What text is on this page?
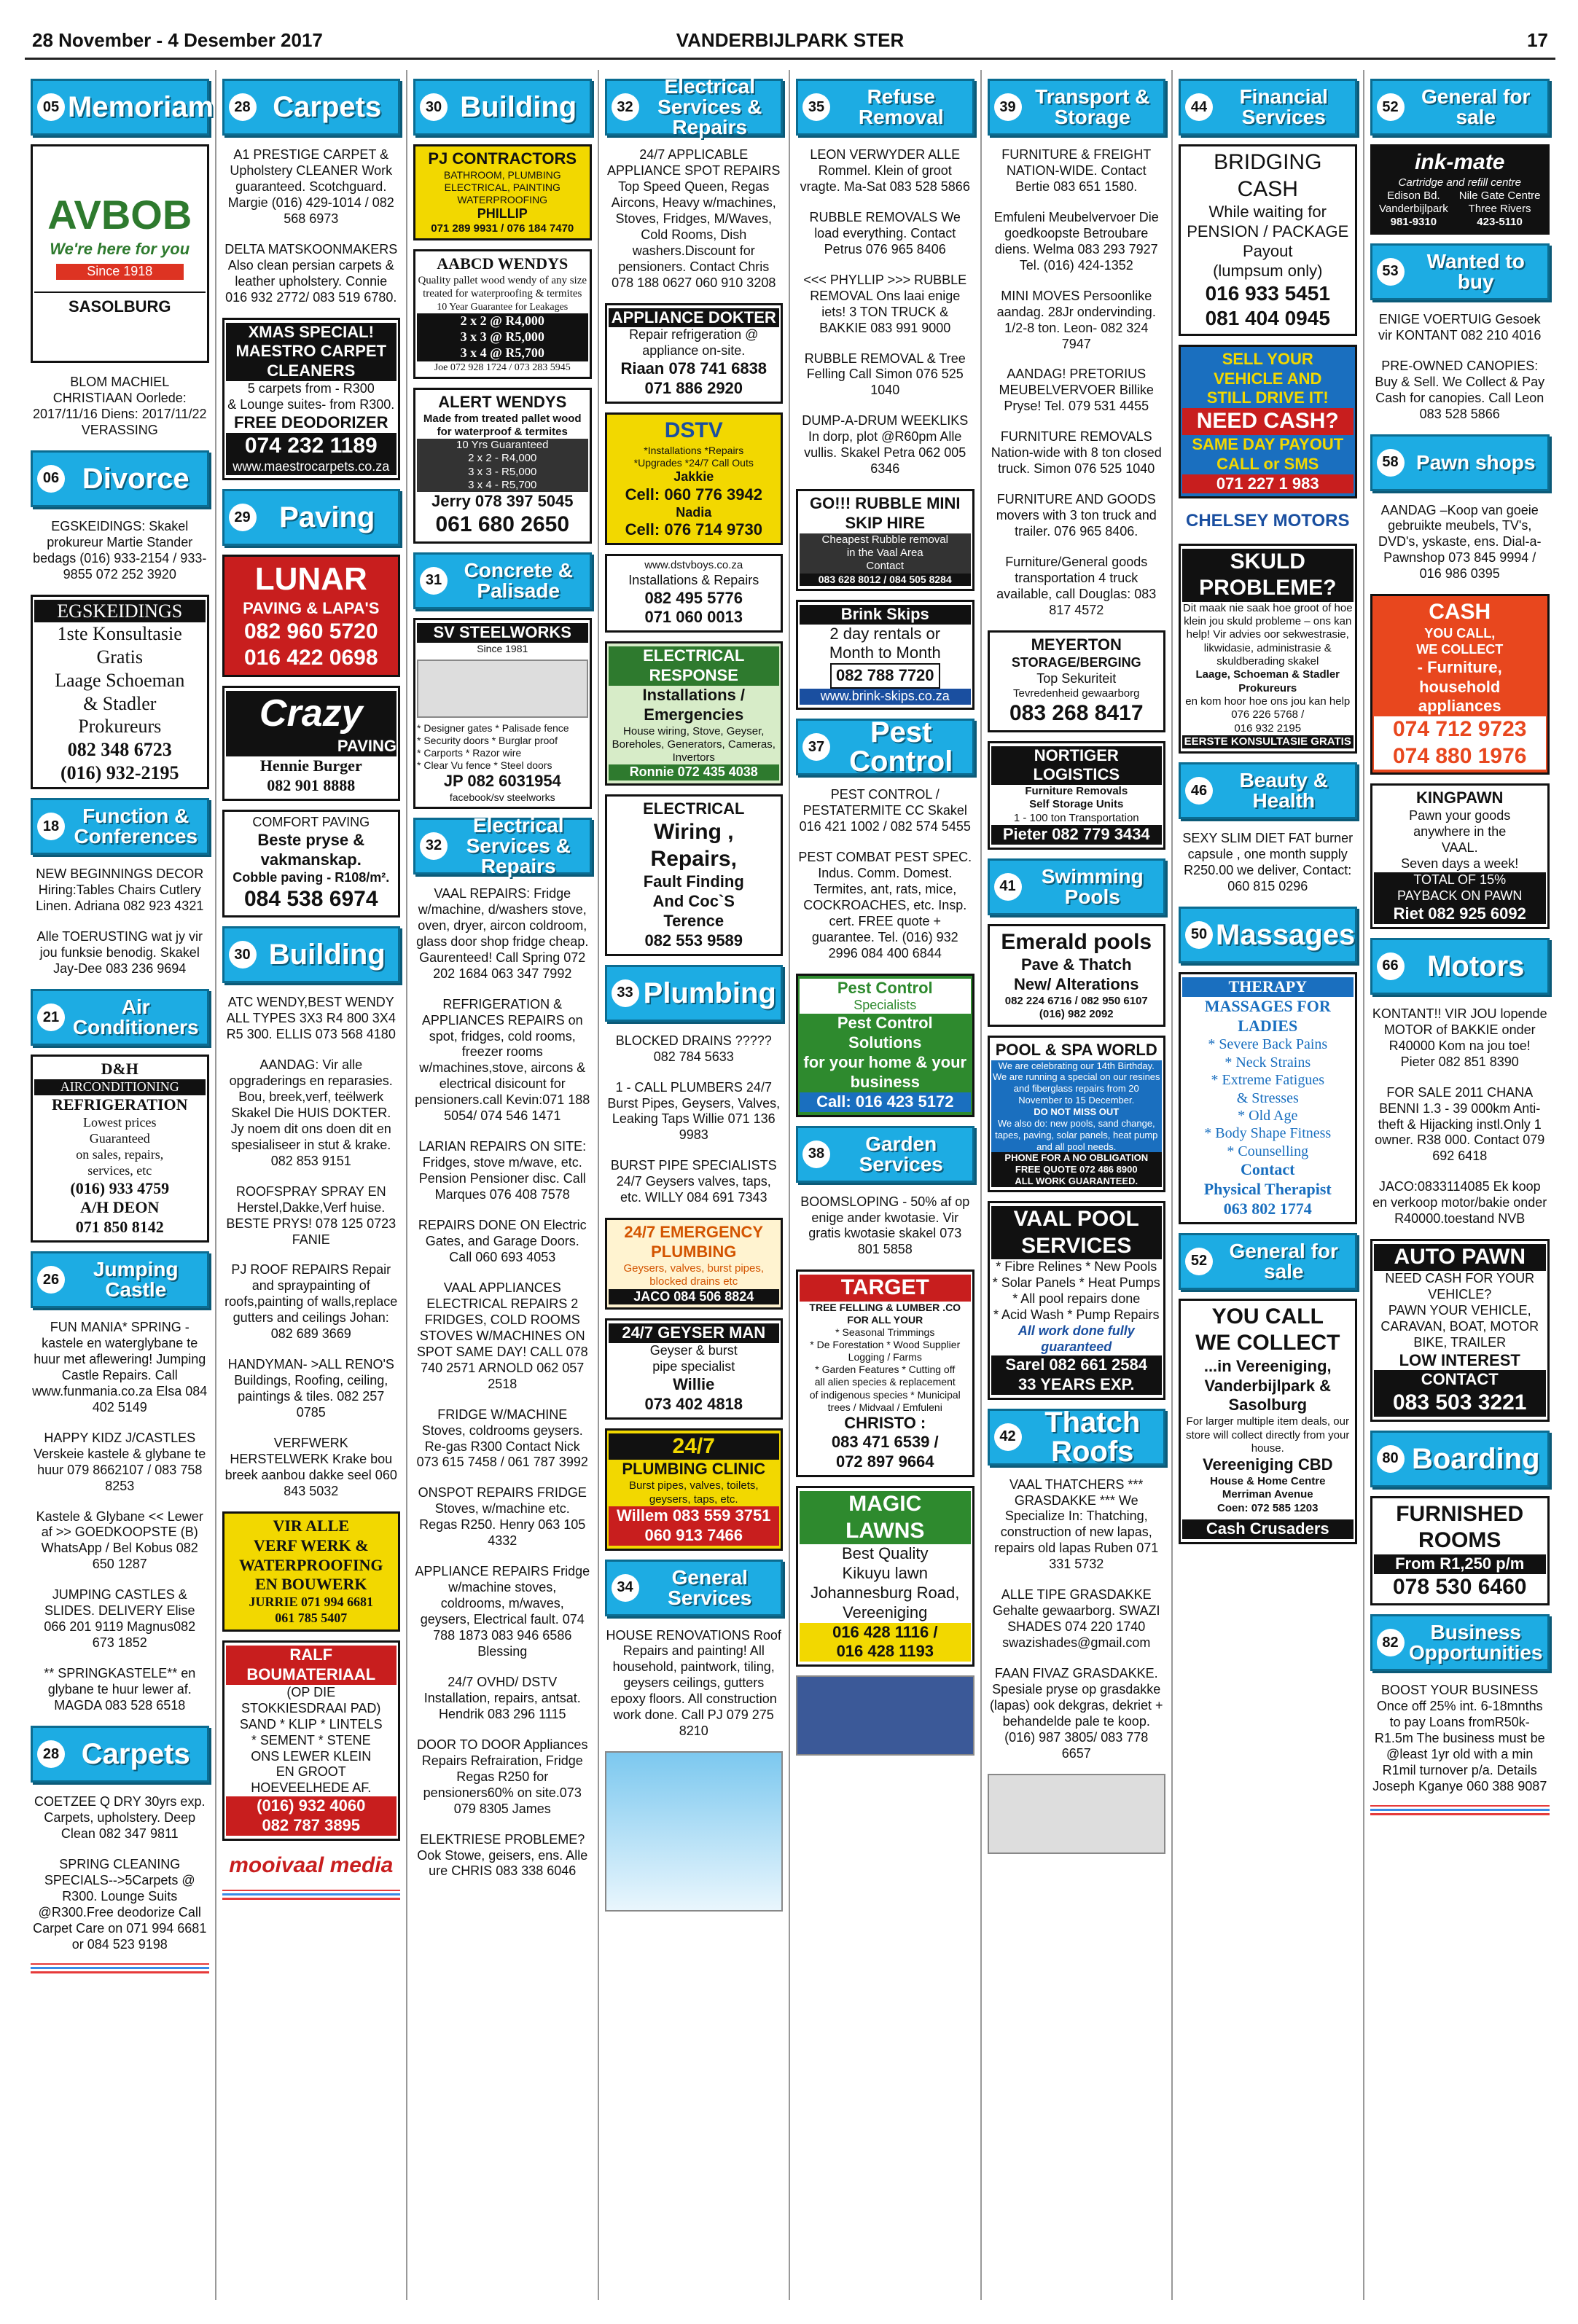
28 November - 4 Desember 2017	VANDERBIJLPARK STER	17
05 Memoriam
AVBOB
We're here for you
Since 1918
SASOLBURG
BLOM MACHIEL CHRISTIAAN Oorlede: 2017/11/16 Diens: 2017/11/22 VERASSING
06 Divorce
EGSKEIDINGS: Skakel prokureur Martie Stander bedags (016) 933-2154 / 933-9855 072 252 3920
EGSKEIDINGS
1ste Konsultasie
Gratis
Laage Schoeman
& Stadler
Prokureurs
082 348 6723
(016) 932-2195
18	Function & Conferences
NEW BEGINNINGS DECOR Hiring:Tables Chairs Cutlery Linen. Adriana 082 923 4321
Alle TOERUSTING wat jy vir jou funksie benodig. Skakel Jay-Dee 083 236 9694
21	Air Conditioners
D&H
AIRCONDITIONING
REFRIGERATION
Lowest prices
Guaranteed
on sales, repairs,
services, etc
(016) 933 4759
A/H DEON
071 850 8142
26	Jumping Castle
FUN MANIA* SPRING -kastele en waterglybane te huur met aflewering! Jumping Castle Repairs. Call www.funmania.co.za Elsa 084 402 5149
HAPPY KIDZ J/CASTLES Verskeie kastele & glybane te huur 079 8662107 / 083 758 8253
Kastele & Glybane << Lewer af >> GOEDKOOPSTE (B) WhatsApp / Bel Kobus 082 650 1287
JUMPING CASTLES & SLIDES. DELIVERY Elise 066 201 9119 Magnus082 673 1852
** SPRINGKASTELE** en glybane te huur lewer af. MAGDA 083 528 6518
28 Carpets
COETZEE Q DRY 30yrs exp. Carpets, upholstery. Deep Clean 082 347 9811
SPRING CLEANING SPECIALS-->5Carpets @ R300. Lounge Suits @R300.Free deodorize Call Carpet Care on 071 994 6681 or 084 523 9198
28 Carpets
A1 PRESTIGE CARPET & Upholstery CLEANER Work guaranteed. Scotchguard. Margie (016) 429-1014 / 082 568 6973
DELTA MATSKOONMAKERS Also clean persian carpets & leather upholstery. Connie 016 932 2772/ 083 519 6780.
XMAS SPECIAL!
MAESTRO CARPET CLEANERS
5 carpets from - R300
& Lounge suites- from R300.
FREE DEODORIZER
074 232 1189
www.maestrocarpets.co.za
29 Paving
LUNAR
PAVING & LAPA'S
082 960 5720
016 422 0698
Crazy
PAVING
Hennie Burger
082 901 8888
COMFORT PAVING
Beste pryse & vakmanskap.
Cobble paving - R108/m².
084 538 6974
30 Building
ATC WENDY,BEST WENDY ALL TYPES 3X3 R4 800 3X4 R5 300. ELLIS 073 568 4180
AANDAG: Vir alle opgraderings en reparasies. Bou, breek,verf, teëlwerk Skakel Die HUIS DOKTER. Jy noem dit ons doen dit en spesialiseer in stut & krake. 082 853 9151
ROOFSPRAY SPRAY EN Herstel,Dakke,Verf huise. BESTE PRYS! 078 125 0723 FANIE
PJ ROOF REPAIRS Repair and spraypainting of roofs,painting of walls,replace gutters and ceilings Johan: 082 689 3669
HANDYMAN- >ALL RENO'S Buildings, Roofing, ceiling, paintings & tiles. 082 257 0785
VERFWERK HERSTELWERK Krake bou breek aanbou dakke seel 060 843 5032
VIR ALLE
VERF WERK &
WATERPROOFING
EN BOUWERK
JURRIE 071 994 6681
061 785 5407
RALF
BOUMATERIAAL
(OP DIE
STOKKIESDRAAI PAD)
SAND * KLIP * LINTELS
* SEMENT * STENE
ONS LEWER KLEIN
EN GROOT
HOEVEELHEDE AF.
(016) 932 4060
082 787 3895
mooivaal media
30 Building
PJ CONTRACTORS
BATHROOM, PLUMBING
ELECTRICAL, PAINTING
WATERPROOFING
PHILLIP
071 289 9931 / 076 184 7470
AABCD WENDYS
Quality pallet wood wendy of any size treated for waterproofing & termites
10 Year Guarantee for Leakages
2 x 2 @ R4,000
3 x 3 @ R5,000
3 x 4 @ R5,700
Joe 072 928 1724 / 073 283 5945
ALERT WENDYS
Made from treated pallet wood for waterproof & termites
10 Yrs Guaranteed
2 x 2 - R4,000
3 x 3 - R5,000
3 x 4 - R5,700
Jerry 078 397 5045
061 680 2650
31	Concrete & Palisade
SV STEELWORKS
Since 1981
* Designer gates * Palisade fence
* Security doors * Burglar proof
* Carports * Razor wire
* Clear Vu fence * Steel doors
JP 082 6031954
facebook/sv steelworks
32
Electrical Services & Repairs
VAAL REPAIRS: Fridge w/machine, d/washers stove, oven, dryer, aircon coldroom, glass door shop fridge cheap. Gaurenteed! Call Spring 072 202 1684 063 347 7992
REFRIGERATION & APPLIANCES REPAIRS on spot, fridges, cold rooms, freezer rooms w/machines,stove, aircons & electrical disicount for pensioners.call Kevin:071 188 5054/ 074 546 1471
LARIAN REPAIRS ON SITE: Fridges, stove m/wave, etc. Pension Pensioner disc. Call Marques 076 408 7578
REPAIRS DONE ON Electric Gates, and Garage Doors. Call 060 693 4053
VAAL APPLIANCES ELECTRICAL REPAIRS 2 FRIDGES, COLD ROOMS STOVES W/MACHINES ON SPOT SAME DAY! CALL 078 740 2571 ARNOLD 062 057 2518
FRIDGE W/MACHINE Stoves, coldrooms geysers. Re-gas R300 Contact Nick 073 615 7458 / 061 787 3992
ONSPOT REPAIRS FRIDGE Stoves, w/machine etc. Regas R250. Henry 063 105 4332
APPLIANCE REPAIRS Fridge w/machine stoves, coldrooms, m/waves, geysers, Electrical fault. 074 788 1873 083 946 6586 Blessing
24/7 OVHD/ DSTV Installation, repairs, antsat. Hendrik 083 296 1115
DOOR TO DOOR Appliances Repairs Refrairation, Fridge Regas R250 for pensioners60% on site.073 079 8305 James
ELEKTRIESE PROBLEME? Ook Stowe, geisers, ens. Alle ure CHRIS 083 338 6046
32
Electrical Services & Repairs
24/7 APPLICABLE APPLIANCE SPOT REPAIRS Top Speed Queen, Regas Aircons, Heavy w/machines, Stoves, Fridges, M/Waves, Cold Rooms, Dish washers.Discount for pensioners. Contact Chris 078 188 0627 060 910 3208
APPLIANCE DOKTER
Repair refrigeration @ appliance on-site.
Riaan 078 741 6838
071 886 2920
DSTV
*Installations *Repairs
*Upgrades *24/7 Call Outs
Jakkie
Cell: 060 776 3942
Nadia
Cell: 076 714 9730
www.dstvboys.co.za
Installations & Repairs
082 495 5776
071 060 0013
ELECTRICAL
RESPONSE
Installations /
Emergencies
House wiring, Stove, Geyser, Boreholes, Generators, Cameras, Invertors
Ronnie 072 435 4038
ELECTRICAL
Wiring ,
Repairs,
Fault Finding
And Coc`S
Terence
082 553 9589
33 Plumbing
BLOCKED DRAINS ????? 082 784 5633
1 - CALL PLUMBERS 24/7 Burst Pipes, Geysers, Valves, Leaking Taps Willie 071 136 9983
BURST PIPE SPECIALISTS 24/7 Geysers valves, taps, etc. WILLY 084 691 7343
24/7 EMERGENCY
PLUMBING
Geysers, valves, burst pipes, blocked drains etc
JACO 084 506 8824
24/7 GEYSER MAN
Geyser & burst
pipe specialist
Willie
073 402 4818
24/7
PLUMBING CLINIC
Burst pipes, valves, toilets, geysers, taps, etc.
Willem 083 559 3751 060 913 7466
34	General Services
HOUSE RENOVATIONS Roof Repairs and painting! All household, paintwork, tiling, geysers ceilings, gutters epoxy floors. All construction work done. Call PJ 079 275 8210
35	Refuse Removal
LEON VERWYDER ALLE Rommel. Klein of groot vragte. Ma-Sat 083 528 5866
RUBBLE REMOVALS We load everything. Contact Petrus 076 965 8406
<<< PHYLLIP >>> RUBBLE REMOVAL Ons laai enige iets! 3 TON TRUCK & BAKKIE 083 991 9000
RUBBLE REMOVAL & Tree Felling Call Simon 076 525 1040
DUMP-A-DRUM WEEKLIKS In dorp, plot @R60pm Alle vullis. Skakel Petra 062 005 6346
GO!!! RUBBLE MINI
SKIP HIRE
Cheapest Rubble removal
in the Vaal Area
Contact
083 628 8012 / 084 505 8284
Brink Skips
2 day rentals or
Month to Month
082 788 7720
www.brink-skips.co.za
37	Pest Control
PEST CONTROL / PESTATERMITE CC Skakel 016 421 1002 / 082 574 5455
PEST COMBAT PEST SPEC. Indus. Comm. Domest. Termites, ant, rats, mice, COCKROACHES, etc. Insp. cert. FREE quote + guarantee. Tel. (016) 932 2996 084 400 6844
Pest Control
Specialists
Pest Control Solutions
for your home & your
business
Call: 016 423 5172
38	Garden Services
BOOMSLOPING - 50% af op enige ander kwotasie. Vir gratis kwotasie skakel 073 801 5858
TARGET
TREE FELLING & LUMBER .CO
FOR ALL YOUR
* Seasonal Trimmings
* De Forestation * Wood Supplier
Logging / Farms
* Garden Features * Cutting off
all alien species & replacement
of indigenous species * Municipal
trees / Midvaal / Emfuleni
CHRISTO :
083 471 6539 /
072 897 9664
MAGIC
LAWNS
Best Quality
Kikuyu lawn
Johannesburg Road,
Vereeniging
016 428 1116 /
016 428 1193
39 Transport & Storage
FURNITURE & FREIGHT NATION-WIDE. Contact Bertie 083 651 1580.
Emfuleni Meubelvervoer Die goedkoopste Betroubare diens. Welma 083 293 7927 Tel. (016) 424-1352
MINI MOVES Persoonlike aandag. 28Jr ondervinding. 1/2-8 ton. Leon- 082 324 7947
AANDAG! PRETORIUS MEUBELVERVOER Billike Pryse! Tel. 079 531 4455
FURNITURE REMOVALS Nation-wide with 8 ton closed truck. Simon 076 525 1040
FURNITURE AND GOODS movers with 3 ton truck and trailer. 076 965 8406.
Furniture/General goods transportation 4 truck available, call Douglas: 083 817 4572
MEYERTON
STORAGE/BERGING
Top Sekuriteit
Tevredenheid gewaarborg
083 268 8417
NORTIGER LOGISTICS
Furniture Removals
Self Storage Units
1 - 100 ton Transportation
Pieter 082 779 3434
41	Swimming Pools
Emerald pools
Pave & Thatch
New/ Alterations
082 224 6716 / 082 950 6107
(016) 982 2092
POOL & SPA WORLD
We are celebrating our 14th Birthday. We are running a special on our resines and fiberglass repairs from 20 November to 15 December.
DO NOT MISS OUT
We also do: new pools, sand change, tapes, paving, solar panels, heat pump and all pool needs.
PHONE FOR A NO OBLIGATION FREE QUOTE 072 486 8900
ALL WORK GUARANTEED.
VAAL POOL
SERVICES
* Fibre Relines * New Pools
* Solar Panels * Heat Pumps
* All pool repairs done
* Acid Wash * Pump Repairs
All work done fully guaranteed
Sarel 082 661 2584
33 YEARS EXP.
42 Thatch Roofs
VAAL THATCHERS *** GRASDAKKE *** We Specialize In: Thatching, construction of new lapas, repairs old lapas Ruben 071 331 5732
ALLE TIPE GRASDAKKE Gehalte gewaarborg. SWAZI SHADES 074 220 1740 swazishades@gmail.com
FAAN FIVAZ GRASDAKKE. Spesiale pryse op grasdakke (lapas) ook dekgras, dekriet + behandelde pale te koop. (016) 987 3805/ 083 778 6657
44	Financial Services
BRIDGING
CASH
While waiting for
PENSION / PACKAGE
Payout
(lumpsum only)
016 933 5451
081 404 0945
SELL YOUR
VEHICLE AND
STILL DRIVE IT!
NEED CASH?
SAME DAY PAYOUT
CALL or SMS
071 227 1 983
CHELSEY MOTORS
SKULD
PROBLEME?
Dit maak nie saak hoe groot of hoe klein jou skuld probleme – ons kan help! Vir advies oor sekwestrasie, likwidasie, administrasie & skuldberading skakel
Laage, Schoeman & Stadler Prokureurs
en kom hoor hoe ons jou kan help
076 226 5768 /
016 932 2195
EERSTE KONSULTASIE GRATIS
46	Beauty & Health
SEXY SLIM DIET FAT burner capsule , one month supply R250.00 we deliver, Contact: 060 815 0296
50 Massages
THERAPY
MASSAGES FOR
LADIES
* Severe Back Pains
* Neck Strains
* Extreme Fatigues
& Stresses
* Old Age
* Body Shape Fitness
* Counselling
Contact
Physical Therapist
063 802 1774
52	General for sale
YOU CALL
WE COLLECT
...in Vereeniging, Vanderbijlpark & Sasolburg
For larger multiple item deals, our store will collect directly from your house.
Vereeniging CBD
House & Home Centre
Merriman Avenue
Coen: 072 585 1203
Cash Crusaders
52	General for sale
ink-mate
Cartridge and refill centre
Edison Bd.
Vanderbijlpark
981-9310
Nile Gate Centre
Three Rivers
423-5110
53	Wanted to buy
ENIGE VOERTUIG Gesoek vir KONTANT 082 210 4016
PRE-OWNED CANOPIES: Buy & Sell. We Collect & Pay Cash for canopies. Call Leon 083 528 5866
58 Pawn shops
AANDAG –Koop van goeie gebruikte meubels, TV's, DVD's, yskaste, ens. Dial-a-Pawnshop 073 845 9994 / 016 986 0395
CASH
YOU CALL,
WE COLLECT
- Furniture,
household
appliances
074 712 9723
074 880 1976
KINGPAWN
Pawn your goods
anywhere in the
VAAL.
Seven days a week!
TOTAL OF 15%
PAYBACK ON PAWN
Riet 082 925 6092
66 Motors
KONTANT!! VIR JOU lopende MOTOR of BAKKIE onder R40000 Kom na jou toe! Pieter 082 851 8390
FOR SALE 2011 CHANA BENNI 1.3 - 39 000km Anti-theft & Hijacking instl.Only 1 owner. R38 000. Contact 079 692 6418
JACO:0833114085 Ek koop en verkoop motor/bakie onder R40000.toestand NVB
AUTO PAWN
NEED CASH FOR YOUR VEHICLE?
PAWN YOUR VEHICLE, CARAVAN, BOAT, MOTOR BIKE, TRAILER
LOW INTEREST
CONTACT
083 503 3221
80 Boarding
FURNISHED
ROOMS
From R1,250 p/m
078 530 6460
82	Business Opportunities
BOOST YOUR BUSINESS Once off 25% int. 6-18mnths to pay Loans fromR50k-R1.5m The business must be @least 1yr old with a min R1mil turnover p/a. Details Joseph Kganye 060 388 9087
